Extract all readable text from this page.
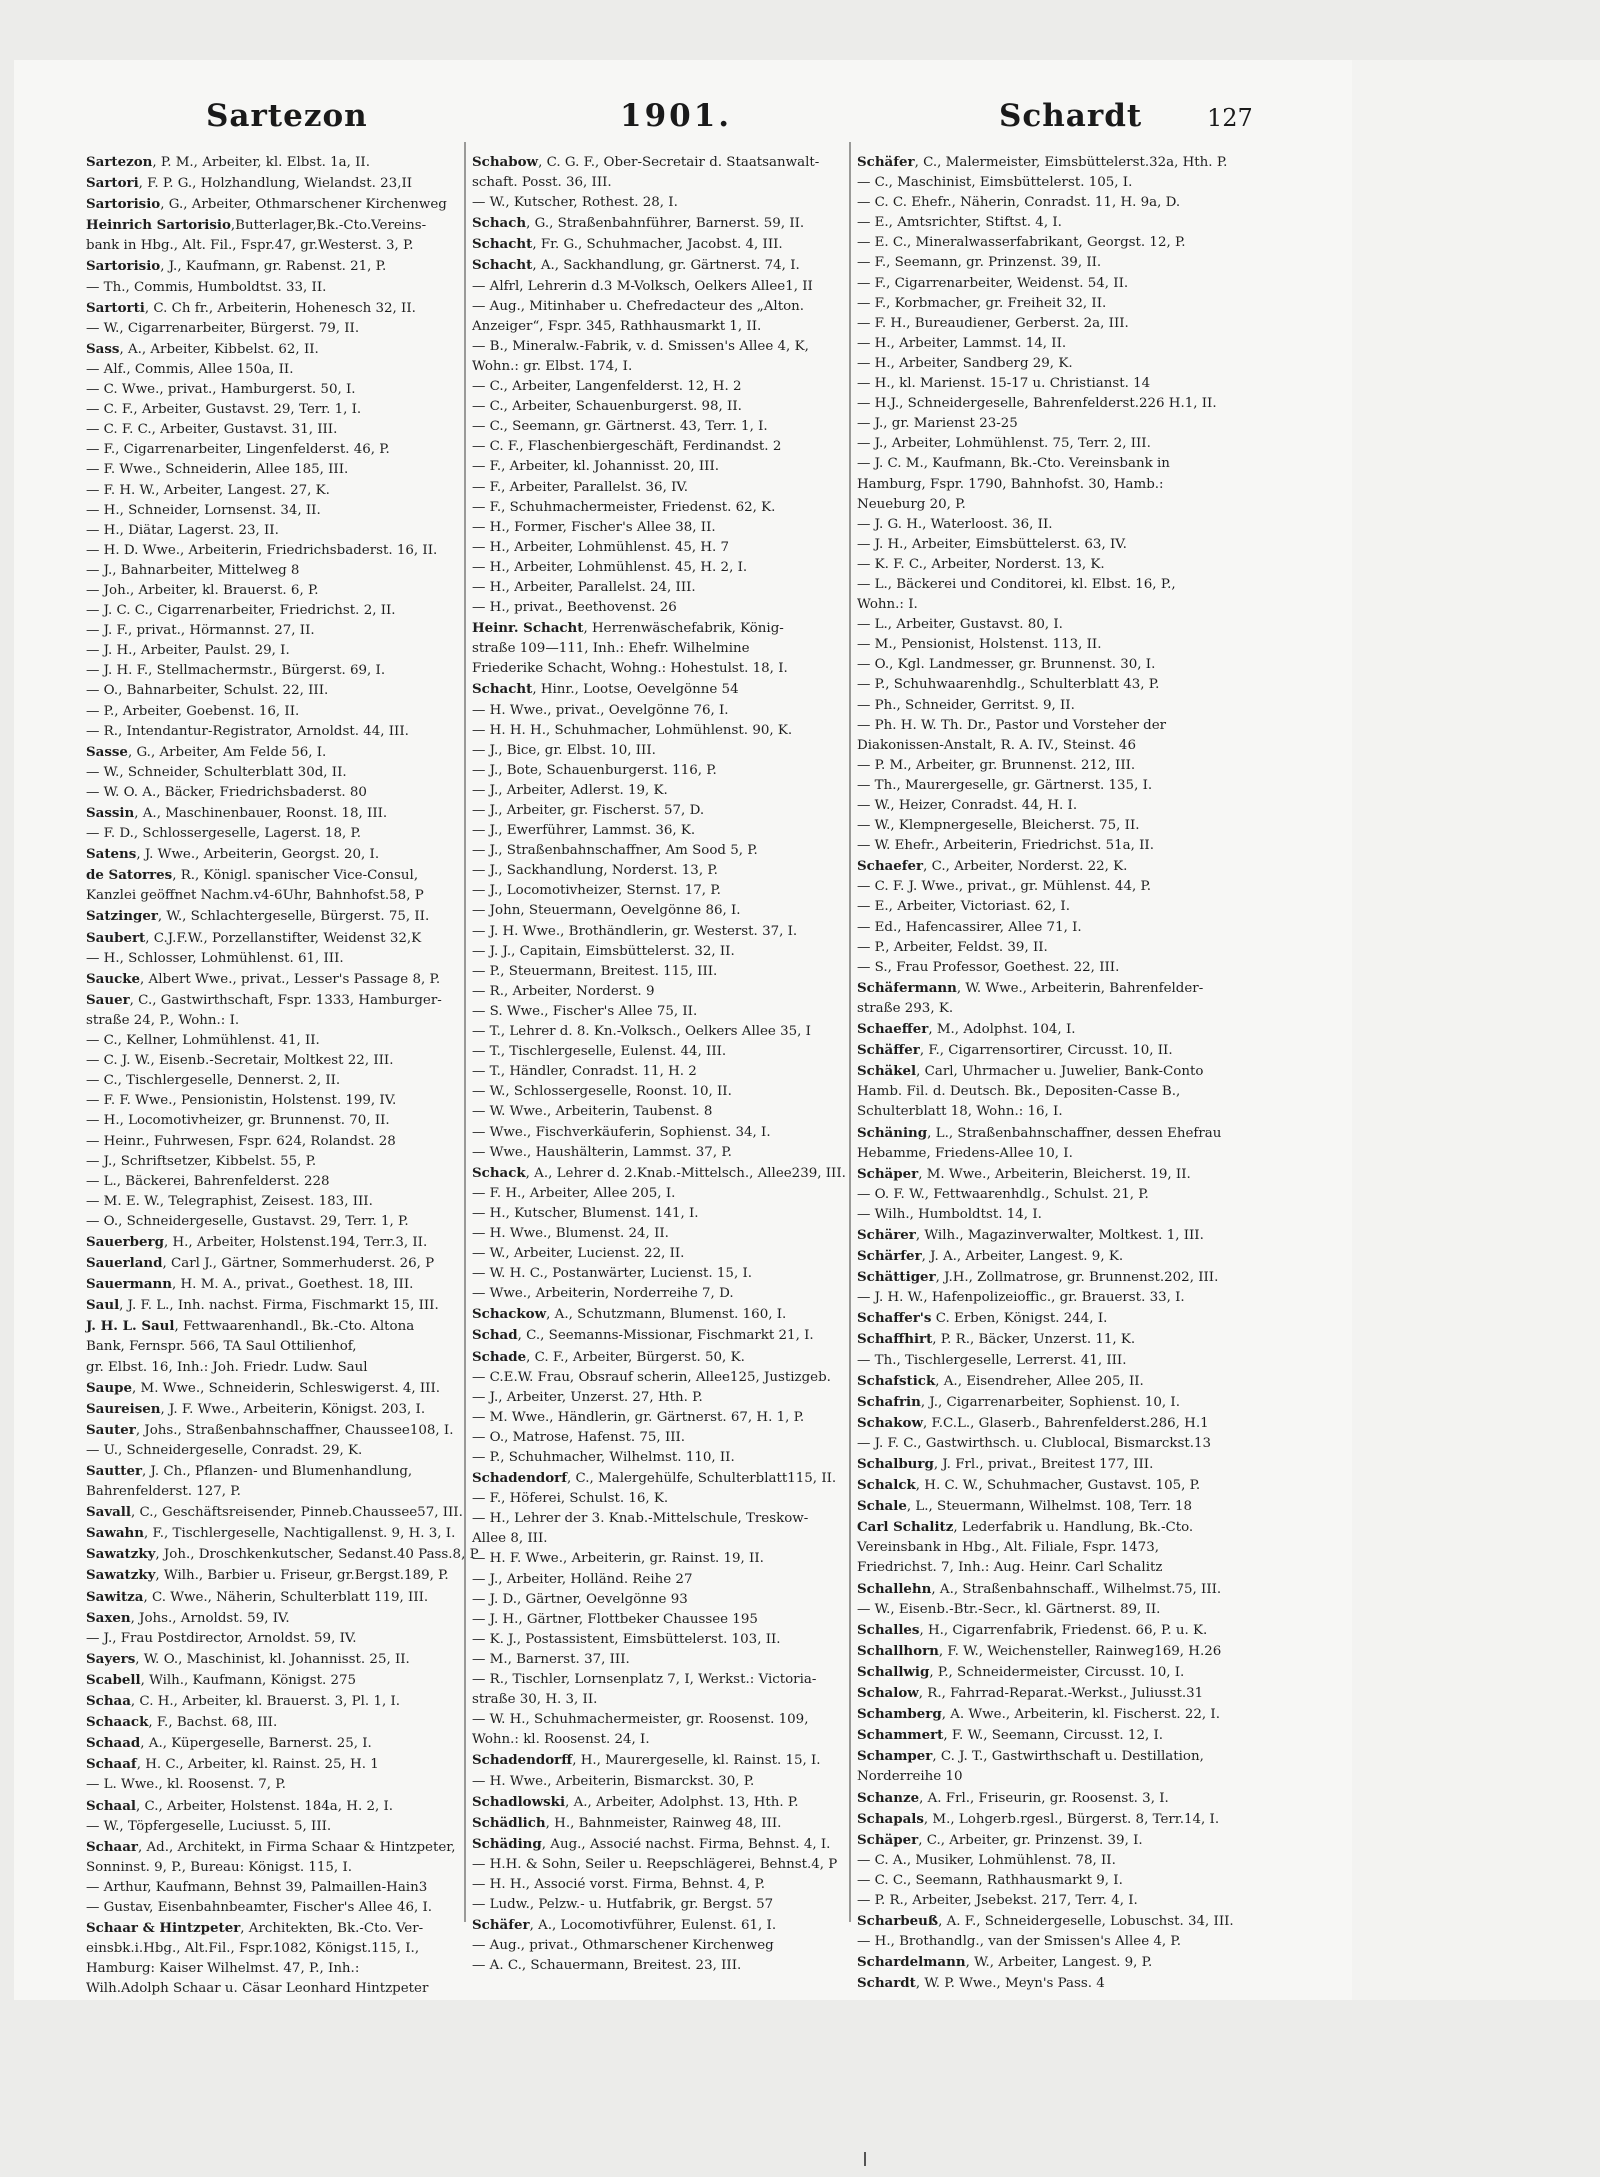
Sartezon	1901.	Schardt	127
Sartezon, P. M., Arbeiter, kl. Elbst. 1a, II.
Sartori, F. P. G., Holzhandlung, Wielandst. 23,II
Sartorisio, G., Arbeiter, Othmarschener Kirchenweg
Heinrich Sartorisio,Butterlager,Bk.-Cto.Vereins-
bank in Hbg., Alt. Fil., Fspr.47, gr.Westerst. 3, P.
Sartorisio, J., Kaufmann, gr. Rabenst. 21, P.
— Th., Commis, Humboldtst. 33, II.
Sartorti, C. Ch fr., Arbeiterin, Hohenesch 32, II.
— W., Cigarrenarbeiter, Bürgerst. 79, II.
Sass, A., Arbeiter, Kibbelst. 62, II.
— Alf., Commis, Allee 150a, II.
— C. Wwe., privat., Hamburgerst. 50, I.
— C. F., Arbeiter, Gustavst. 29, Terr. 1, I.
— C. F. C., Arbeiter, Gustavst. 31, III.
— F., Cigarrenarbeiter, Lingenfelderst. 46, P.
— F. Wwe., Schneiderin, Allee 185, III.
— F. H. W., Arbeiter, Langest. 27, K.
— H., Schneider, Lornsenst. 34, II.
— H., Diätar, Lagerst. 23, II.
— H. D. Wwe., Arbeiterin, Friedrichsbaderst. 16, II.
— J., Bahnarbeiter, Mittelweg 8
— Joh., Arbeiter, kl. Brauerst. 6, P.
— J. C. C., Cigarrenarbeiter, Friedrichst. 2, II.
— J. F., privat., Hörmannst. 27, II.
— J. H., Arbeiter, Paulst. 29, I.
— J. H. F., Stellmachermstr., Bürgerst. 69, I.
— O., Bahnarbeiter, Schulst. 22, III.
— P., Arbeiter, Goebenst. 16, II.
— R., Intendantur-Registrator, Arnoldst. 44, III.
Sasse, G., Arbeiter, Am Felde 56, I.
— W., Schneider, Schulterblatt 30d, II.
— W. O. A., Bäcker, Friedrichsbaderst. 80
Sassin, A., Maschinenbauer, Roonst. 18, III.
— F. D., Schlossergeselle, Lagerst. 18, P.
Satens, J. Wwe., Arbeiterin, Georgst. 20, I.
de Satorres, R., Königl. spanischer Vice-Consul,
Kanzlei geöffnet Nachm.v4-6Uhr, Bahnhofst.58, P
Satzinger, W., Schlachtergeselle, Bürgerst. 75, II.
Saubert, C.J.F.W., Porzellanstifter, Weidenst 32,K
— H., Schlosser, Lohmühlenst. 61, III.
Saucke, Albert Wwe., privat., Lesser's Passage 8, P.
Sauer, C., Gastwirthschaft, Fspr. 1333, Hamburger-
straße 24, P., Wohn.: I.
— C., Kellner, Lohmühlenst. 41, II.
— C. J. W., Eisenb.-Secretair, Moltkest 22, III.
— C., Tischlergeselle, Dennerst. 2, II.
— F. F. Wwe., Pensionistin, Holstenst. 199, IV.
— H., Locomotivheizer, gr. Brunnenst. 70, II.
— Heinr., Fuhrwesen, Fspr. 624, Rolandst. 28
— J., Schriftsetzer, Kibbelst. 55, P.
— L., Bäckerei, Bahrenfelderst. 228
— M. E. W., Telegraphist, Zeisest. 183, III.
— O., Schneidergeselle, Gustavst. 29, Terr. 1, P.
Sauerberg, H., Arbeiter, Holstenst.194, Terr.3, II.
Sauerland, Carl J., Gärtner, Sommerhuderst. 26, P
Sauermann, H. M. A., privat., Goethest. 18, III.
Saul, J. F. L., Inh. nachst. Firma, Fischmarkt 15, III.
J. H. L. Saul, Fettwaarenhandl., Bk.-Cto. Altona
Bank, Fernspr. 566, TA Saul Ottilienhof,
gr. Elbst. 16, Inh.: Joh. Friedr. Ludw. Saul
Saupe, M. Wwe., Schneiderin, Schleswigerst. 4, III.
Saureisen, J. F. Wwe., Arbeiterin, Königst. 203, I.
Sauter, Johs., Straßenbahnschaffner, Chaussee108, I.
— U., Schneidergeselle, Conradst. 29, K.
Sautter, J. Ch., Pflanzen- und Blumenhandlung,
Bahrenfelderst. 127, P.
Savall, C., Geschäftsreisender, Pinneb.Chaussee57, III.
Sawahn, F., Tischlergeselle, Nachtigallenst. 9, H. 3, I.
Sawatzky, Joh., Droschkenkutscher, Sedanst.40 Pass.8, P
Sawatzky, Wilh., Barbier u. Friseur, gr.Bergst.189, P.
Sawitza, C. Wwe., Näherin, Schulterblatt 119, III.
Saxen, Johs., Arnoldst. 59, IV.
— J., Frau Postdirector, Arnoldst. 59, IV.
Sayers, W. O., Maschinist, kl. Johannisst. 25, II.
Scabell, Wilh., Kaufmann, Königst. 275
Schaa, C. H., Arbeiter, kl. Brauerst. 3, Pl. 1, I.
Schaack, F., Bachst. 68, III.
Schaad, A., Küpergeselle, Barnerst. 25, I.
Schaaf, H. C., Arbeiter, kl. Rainst. 25, H. 1
— L. Wwe., kl. Roosenst. 7, P.
Schaal, C., Arbeiter, Holstenst. 184a, H. 2, I.
— W., Töpfergeselle, Luciusst. 5, III.
Schaar, Ad., Architekt, in Firma Schaar & Hintzpeter,
Sonninst. 9, P., Bureau: Königst. 115, I.
— Arthur, Kaufmann, Behnst 39, Palmaillen-Hain3
— Gustav, Eisenbahnbeamter, Fischer's Allee 46, I.
Schaar & Hintzpeter, Architekten, Bk.-Cto. Ver-
einsbk.i.Hbg., Alt.Fil., Fspr.1082, Königst.115, I.,
Hamburg: Kaiser Wilhelmst. 47, P., Inh.:
Wilh.Adolph Schaar u. Cäsar Leonhard Hintzpeter
Schabow, C. G. F., Ober-Secretair d. Staatsanwalt-
schaft. Posst. 36, III.
— W., Kutscher, Rothest. 28, I.
Schach, G., Straßenbahnführer, Barnerst. 59, II.
Schacht, Fr. G., Schuhmacher, Jacobst. 4, III.
Schacht, A., Sackhandlung, gr. Gärtnerst. 74, I.
— Alfrl, Lehrerin d.3 M-Volksch, Oelkers Allee1, II
— Aug., Mitinhaber u. Chefredacteur des „Alton.
Anzeiger“, Fspr. 345, Rathhausmarkt 1, II.
— B., Mineralw.-Fabrik, v. d. Smissen's Allee 4, K,
Wohn.: gr. Elbst. 174, I.
— C., Arbeiter, Langenfelderst. 12, H. 2
— C., Arbeiter, Schauenburgerst. 98, II.
— C., Seemann, gr. Gärtnerst. 43, Terr. 1, I.
— C. F., Flaschenbiergeschäft, Ferdinandst. 2
— F., Arbeiter, kl. Johannisst. 20, III.
— F., Arbeiter, Parallelst. 36, IV.
— F., Schuhmachermeister, Friedenst. 62, K.
— H., Former, Fischer's Allee 38, II.
— H., Arbeiter, Lohmühlenst. 45, H. 7
— H., Arbeiter, Lohmühlenst. 45, H. 2, I.
— H., Arbeiter, Parallelst. 24, III.
— H., privat., Beethovenst. 26
Heinr. Schacht, Herrenwäschefabrik, König-
straße 109—111, Inh.: Ehefr. Wilhelmine
Friederike Schacht, Wohng.: Hohestulst. 18, I.
Schacht, Hinr., Lootse, Oevelgönne 54
— H. Wwe., privat., Oevelgönne 76, I.
— H. H. H., Schuhmacher, Lohmühlenst. 90, K.
— J., Bice, gr. Elbst. 10, III.
— J., Bote, Schauenburgerst. 116, P.
— J., Arbeiter, Adlerst. 19, K.
— J., Arbeiter, gr. Fischerst. 57, D.
— J., Ewerführer, Lammst. 36, K.
— J., Straßenbahnschaffner, Am Sood 5, P.
— J., Sackhandlung, Norderst. 13, P.
— J., Locomotivheizer, Sternst. 17, P.
— John, Steuermann, Oevelgönne 86, I.
— J. H. Wwe., Brothändlerin, gr. Westerst. 37, I.
— J. J., Capitain, Eimsbüttelerst. 32, II.
— P., Steuermann, Breitest. 115, III.
— R., Arbeiter, Norderst. 9
— S. Wwe., Fischer's Allee 75, II.
— T., Lehrer d. 8. Kn.-Volksch., Oelkers Allee 35, I
— T., Tischlergeselle, Eulenst. 44, III.
— T., Händler, Conradst. 11, H. 2
— W., Schlossergeselle, Roonst. 10, II.
— W. Wwe., Arbeiterin, Taubenst. 8
— Wwe., Fischverkäuferin, Sophienst. 34, I.
— Wwe., Haushälterin, Lammst. 37, P.
Schack, A., Lehrer d. 2.Knab.-Mittelsch., Allee239, III.
— F. H., Arbeiter, Allee 205, I.
— H., Kutscher, Blumenst. 141, I.
— H. Wwe., Blumenst. 24, II.
— W., Arbeiter, Lucienst. 22, II.
— W. H. C., Postanwärter, Lucienst. 15, I.
— Wwe., Arbeiterin, Norderreihe 7, D.
Schackow, A., Schutzmann, Blumenst. 160, I.
Schad, C., Seemanns-Missionar, Fischmarkt 21, I.
Schade, C. F., Arbeiter, Bürgerst. 50, K.
— C.E.W. Frau, Obsrauf scherin, Allee125, Justizgeb.
— J., Arbeiter, Unzerst. 27, Hth. P.
— M. Wwe., Händlerin, gr. Gärtnerst. 67, H. 1, P.
— O., Matrose, Hafenst. 75, III.
— P., Schuhmacher, Wilhelmst. 110, II.
Schadendorf, C., Malergehülfe, Schulterblatt115, II.
— F., Höferei, Schulst. 16, K.
— H., Lehrer der 3. Knab.-Mittelschule, Treskow-
Allee 8, III.
— H. F. Wwe., Arbeiterin, gr. Rainst. 19, II.
— J., Arbeiter, Holländ. Reihe 27
— J. D., Gärtner, Oevelgönne 93
— J. H., Gärtner, Flottbeker Chaussee 195
— K. J., Postassistent, Eimsbüttelerst. 103, II.
— M., Barnerst. 37, III.
— R., Tischler, Lornsenplatz 7, I, Werkst.: Victoria-
straße 30, H. 3, II.
— W. H., Schuhmachermeister, gr. Roosenst. 109,
Wohn.: kl. Roosenst. 24, I.
Schadendorff, H., Maurergeselle, kl. Rainst. 15, I.
— H. Wwe., Arbeiterin, Bismarckst. 30, P.
Schadlowski, A., Arbeiter, Adolphst. 13, Hth. P.
Schädlich, H., Bahnmeister, Rainweg 48, III.
Schäding, Aug., Associé nachst. Firma, Behnst. 4, I.
— H.H. & Sohn, Seiler u. Reepschlägerei, Behnst.4, P
— H. H., Associé vorst. Firma, Behnst. 4, P.
— Ludw., Pelzw.- u. Hutfabrik, gr. Bergst. 57
Schäfer, A., Locomotivführer, Eulenst. 61, I.
— Aug., privat., Othmarschener Kirchenweg
— A. C., Schauermann, Breitest. 23, III.
Schäfer, C., Malermeister, Eimsbüttelerst.32a, Hth. P.
— C., Maschinist, Eimsbüttelerst. 105, I.
— C. C. Ehefr., Näherin, Conradst. 11, H. 9a, D.
— E., Amtsrichter, Stiftst. 4, I.
— E. C., Mineralwasserfabrikant, Georgst. 12, P.
— F., Seemann, gr. Prinzenst. 39, II.
— F., Cigarrenarbeiter, Weidenst. 54, II.
— F., Korbmacher, gr. Freiheit 32, II.
— F. H., Bureaudiener, Gerberst. 2a, III.
— H., Arbeiter, Lammst. 14, II.
— H., Arbeiter, Sandberg 29, K.
— H., kl. Marienst. 15-17 u. Christianst. 14
— H.J., Schneidergeselle, Bahrenfelderst.226 H.1, II.
— J., gr. Marienst 23-25
— J., Arbeiter, Lohmühlenst. 75, Terr. 2, III.
— J. C. M., Kaufmann, Bk.-Cto. Vereinsbank in
Hamburg, Fspr. 1790, Bahnhofst. 30, Hamb.:
Neueburg 20, P.
— J. G. H., Waterloost. 36, II.
— J. H., Arbeiter, Eimsbüttelerst. 63, IV.
— K. F. C., Arbeiter, Norderst. 13, K.
— L., Bäckerei und Conditorei, kl. Elbst. 16, P.,
Wohn.: I.
— L., Arbeiter, Gustavst. 80, I.
— M., Pensionist, Holstenst. 113, II.
— O., Kgl. Landmesser, gr. Brunnenst. 30, I.
— P., Schuhwaarenhdlg., Schulterblatt 43, P.
— Ph., Schneider, Gerritst. 9, II.
— Ph. H. W. Th. Dr., Pastor und Vorsteher der
Diakonissen-Anstalt, R. A. IV., Steinst. 46
— P. M., Arbeiter, gr. Brunnenst. 212, III.
— Th., Maurergeselle, gr. Gärtnerst. 135, I.
— W., Heizer, Conradst. 44, H. I.
— W., Klempnergeselle, Bleicherst. 75, II.
— W. Ehefr., Arbeiterin, Friedrichst. 51a, II.
Schaefer, C., Arbeiter, Norderst. 22, K.
— C. F. J. Wwe., privat., gr. Mühlenst. 44, P.
— E., Arbeiter, Victoriast. 62, I.
— Ed., Hafencassirer, Allee 71, I.
— P., Arbeiter, Feldst. 39, II.
— S., Frau Professor, Goethest. 22, III.
Schäfermann, W. Wwe., Arbeiterin, Bahrenfelder-
straße 293, K.
Schaeffer, M., Adolphst. 104, I.
Schäffer, F., Cigarrensortirer, Circusst. 10, II.
Schäkel, Carl, Uhrmacher u. Juwelier, Bank-Conto
Hamb. Fil. d. Deutsch. Bk., Depositen-Casse B.,
Schulterblatt 18, Wohn.: 16, I.
Schäning, L., Straßenbahnschaffner, dessen Ehefrau
Hebamme, Friedens-Allee 10, I.
Schäper, M. Wwe., Arbeiterin, Bleicherst. 19, II.
— O. F. W., Fettwaarenhdlg., Schulst. 21, P.
— Wilh., Humboldtst. 14, I.
Schärer, Wilh., Magazinverwalter, Moltkest. 1, III.
Schärfer, J. A., Arbeiter, Langest. 9, K.
Schättiger, J.H., Zollmatrose, gr. Brunnenst.202, III.
— J. H. W., Hafenpolizeioffic., gr. Brauerst. 33, I.
Schaffer's C. Erben, Königst. 244, I.
Schaffhirt, P. R., Bäcker, Unzerst. 11, K.
— Th., Tischlergeselle, Lerrerst. 41, III.
Schafstick, A., Eisendreher, Allee 205, II.
Schafrin, J., Cigarrenarbeiter, Sophienst. 10, I.
Schakow, F.C.L., Glaserb., Bahrenfelderst.286, H.1
— J. F. C., Gastwirthsch. u. Clublocal, Bismarckst.13
Schalburg, J. Frl., privat., Breitest 177, III.
Schalck, H. C. W., Schuhmacher, Gustavst. 105, P.
Schale, L., Steuermann, Wilhelmst. 108, Terr. 18
Carl Schalitz, Lederfabrik u. Handlung, Bk.-Cto.
Vereinsbank in Hbg., Alt. Filiale, Fspr. 1473,
Friedrichst. 7, Inh.: Aug. Heinr. Carl Schalitz
Schallehn, A., Straßenbahnschaff., Wilhelmst.75, III.
— W., Eisenb.-Btr.-Secr., kl. Gärtnerst. 89, II.
Schalles, H., Cigarrenfabrik, Friedenst. 66, P. u. K.
Schallhorn, F. W., Weichensteller, Rainweg169, H.26
Schallwig, P., Schneidermeister, Circusst. 10, I.
Schalow, R., Fahrrad-Reparat.-Werkst., Juliusst.31
Schamberg, A. Wwe., Arbeiterin, kl. Fischerst. 22, I.
Schammert, F. W., Seemann, Circusst. 12, I.
Schamper, C. J. T., Gastwirthschaft u. Destillation,
Norderreihe 10
Schanze, A. Frl., Friseurin, gr. Roosenst. 3, I.
Schapals, M., Lohgerb.rgesl., Bürgerst. 8, Terr.14, I.
Schäper, C., Arbeiter, gr. Prinzenst. 39, I.
— C. A., Musiker, Lohmühlenst. 78, II.
— C. C., Seemann, Rathhausmarkt 9, I.
— P. R., Arbeiter, Jsebekst. 217, Terr. 4, I.
Scharbeuß, A. F., Schneidergeselle, Lobuschst. 34, III.
— H., Brothandlg., van der Smissen's Allee 4, P.
Schardelmann, W., Arbeiter, Langest. 9, P.
Schardt, W. P. Wwe., Meyn's Pass. 4
